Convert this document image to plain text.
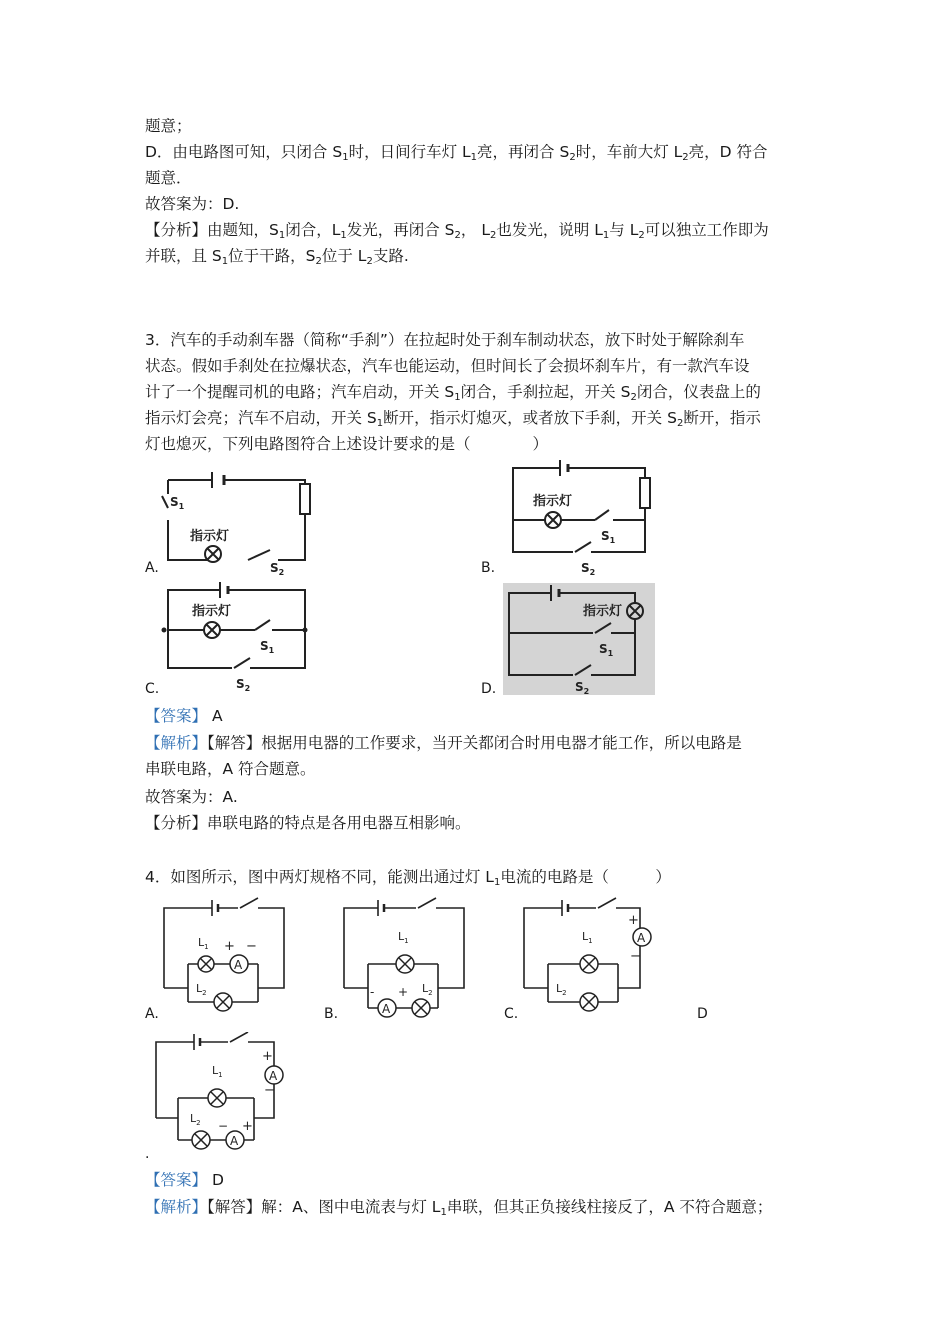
题意；
D．由电路图可知，只闭合 $S_1$时，日间行车灯 $L_1$亮，再闭合 $S_2$时，车前大灯 $L_2$亮，D 符合
题意．
故答案为：D.
【分析】由题知，$S_1$闭合，$L_1$发光，再闭合 $S_2$， $L_2$也发光，说明 $L_1$与 $L_2$可以独立工作即为
并联，且 $S_1$位于干路，$S_2$位于 $L_2$支路.
3．汽车的手动刹车器（简称“手刹”）在拉起时处于刹车制动状态，放下时处于解除刹车
状态。假如手刹处在拉爆状态，汽车也能运动，但时间长了会损坏刹车片，有一款汽车设
计了一个提醒司机的电路；汽车启动，开关 $S_1$闭合，手刹拉起，开关 $S_2$闭合，仪表盘上的
指示灯会亮；汽车不启动，开关 $S_1$断开，指示灯熄灭，或者放下手刹，开关 $S_2$断开，指示
灯也熄灭，下列电路图符合上述设计要求的是（　　　　）
$S_1$
指示灯
$S_2$
A.
指示灯
$S_1$
$S_2$
B.
指示灯
$S_1$
$S_2$
C.
指示灯
$S_1$
$S_2$
D.
【答案】 A
【解析】【解答】根据用电器的工作要求，当开关都闭合时用电器才能工作，所以电路是
串联电路，A 符合题意。
故答案为：A.
【分析】串联电路的特点是各用电器互相影响。
4．如图所示，图中两灯规格不同，能测出通过灯 $L_1$电流的电路是（　　　）
A
$L_1$ + −
$L_2$
A.	A
$L_1$
$L_2$
- +
B.
A
$L_1$
$L_2$
+
−
C.	D
A
A
$L_1$
$L_2$
+
−
− +
.
【答案】 D
【解析】【解答】解：A、图中电流表与灯 $L_1$串联，但其正负接线柱接反了，A 不符合题意；
